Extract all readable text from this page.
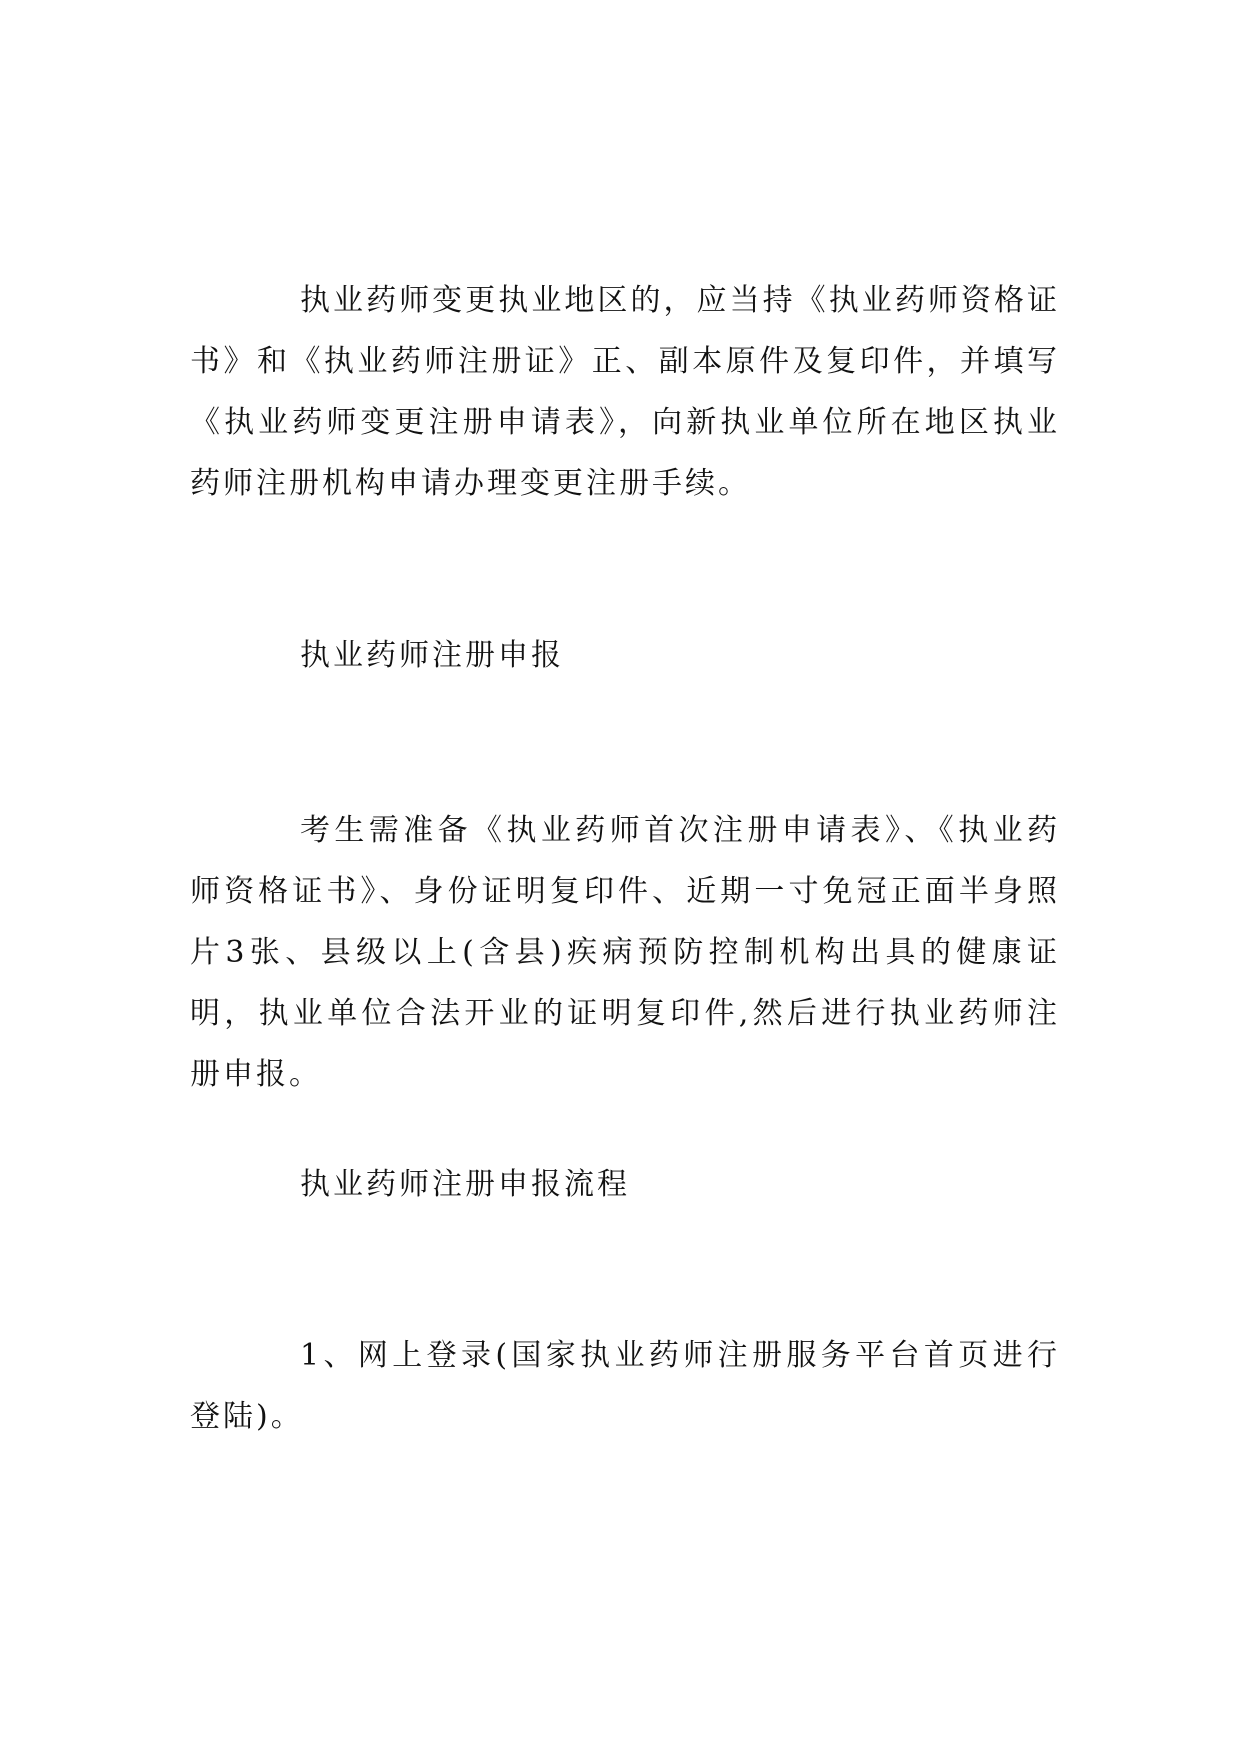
执业药师变更执业地区的，应当持《执业药师资格证书》和《执业药师注册证》正、副本原件及复印件，并填写《执业药师变更注册申请表》，向新执业单位所在地区执业药师注册机构申请办理变更注册手续。

执业药师注册申报

考生需准备《执业药师首次注册申请表》、《执业药师资格证书》、身份证明复印件、近期一寸免冠正面半身照片3张、县级以上(含县)疾病预防控制机构出具的健康证明，执业单位合法开业的证明复印件,然后进行执业药师注册申报。

执业药师注册申报流程

1、网上登录(国家执业药师注册服务平台首页进行登陆)。
